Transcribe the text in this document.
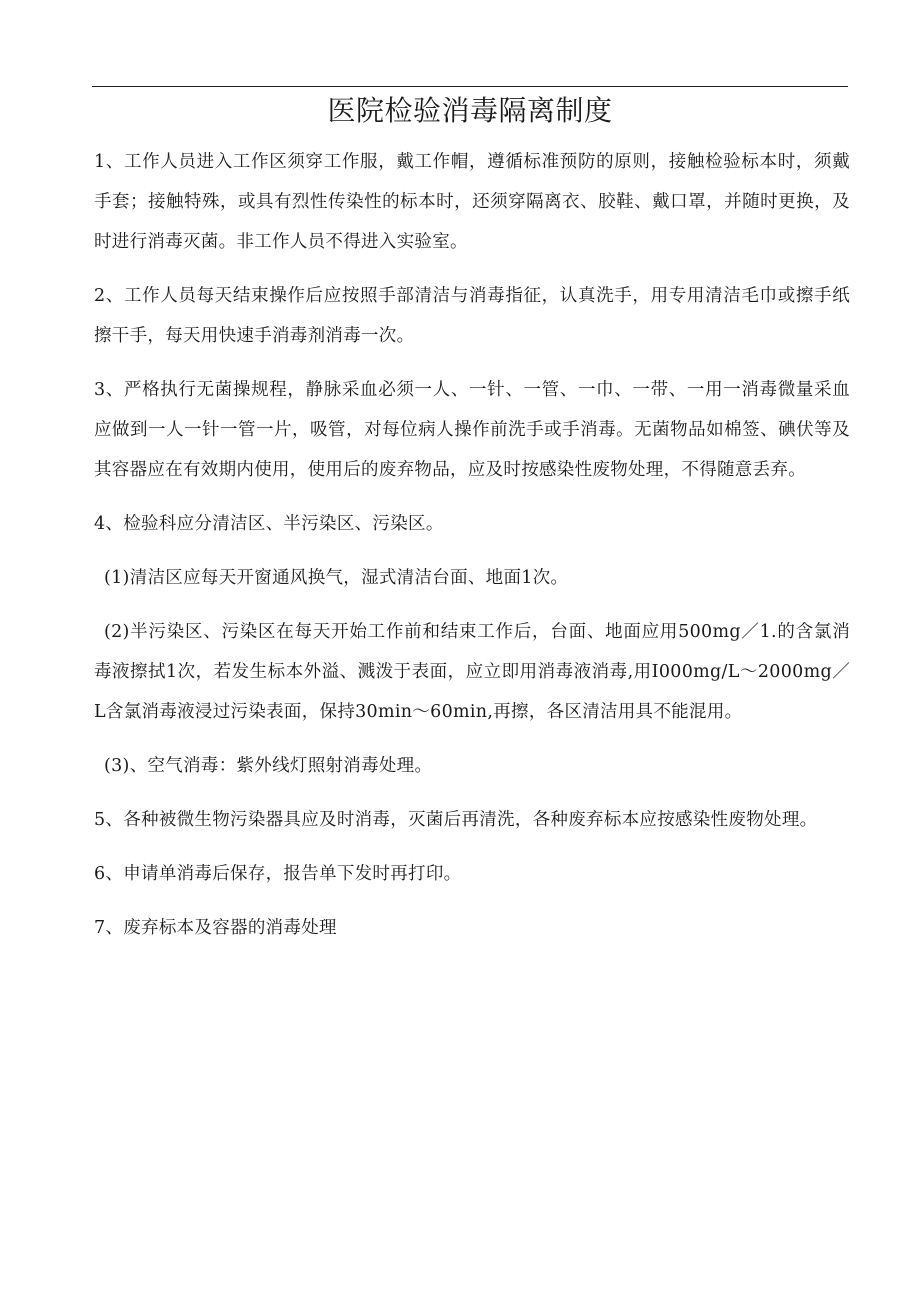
医院检验消毒隔离制度

1、工作人员进入工作区须穿工作服，戴工作帽，遵循标准预防的原则，接触检验标本时，须戴手套；接触特殊，或具有烈性传染性的标本时，还须穿隔离衣、胶鞋、戴口罩，并随时更换，及时进行消毒灭菌。非工作人员不得进入实验室。

2、工作人员每天结束操作后应按照手部清洁与消毒指征，认真洗手，用专用清洁毛巾或擦手纸擦干手，每天用快速手消毒剂消毒一次。

3、严格执行无菌操规程，静脉采血必须一人、一针、一管、一巾、一带、一用一消毒微量采血应做到一人一针一管一片，吸管，对每位病人操作前洗手或手消毒。无菌物品如棉签、碘伏等及其容器应在有效期内使用，使用后的废弃物品，应及时按感染性废物处理，不得随意丢弃。

4、检验科应分清洁区、半污染区、污染区。

(1)清洁区应每天开窗通风换气，湿式清洁台面、地面1次。

(2)半污染区、污染区在每天开始工作前和结束工作后，台面、地面应用500mg／1.的含氯消毒液擦拭1次，若发生标本外溢、溅泼于表面，应立即用消毒液消毒,用I000mg/L～2000mg／L含氯消毒液浸过污染表面，保持30min～60min,再擦，各区清洁用具不能混用。

(3)、空气消毒：紫外线灯照射消毒处理。

5、各种被微生物污染器具应及时消毒，灭菌后再清洗，各种废弃标本应按感染性废物处理。

6、申请单消毒后保存，报告单下发时再打印。

7、废弃标本及容器的消毒处理
